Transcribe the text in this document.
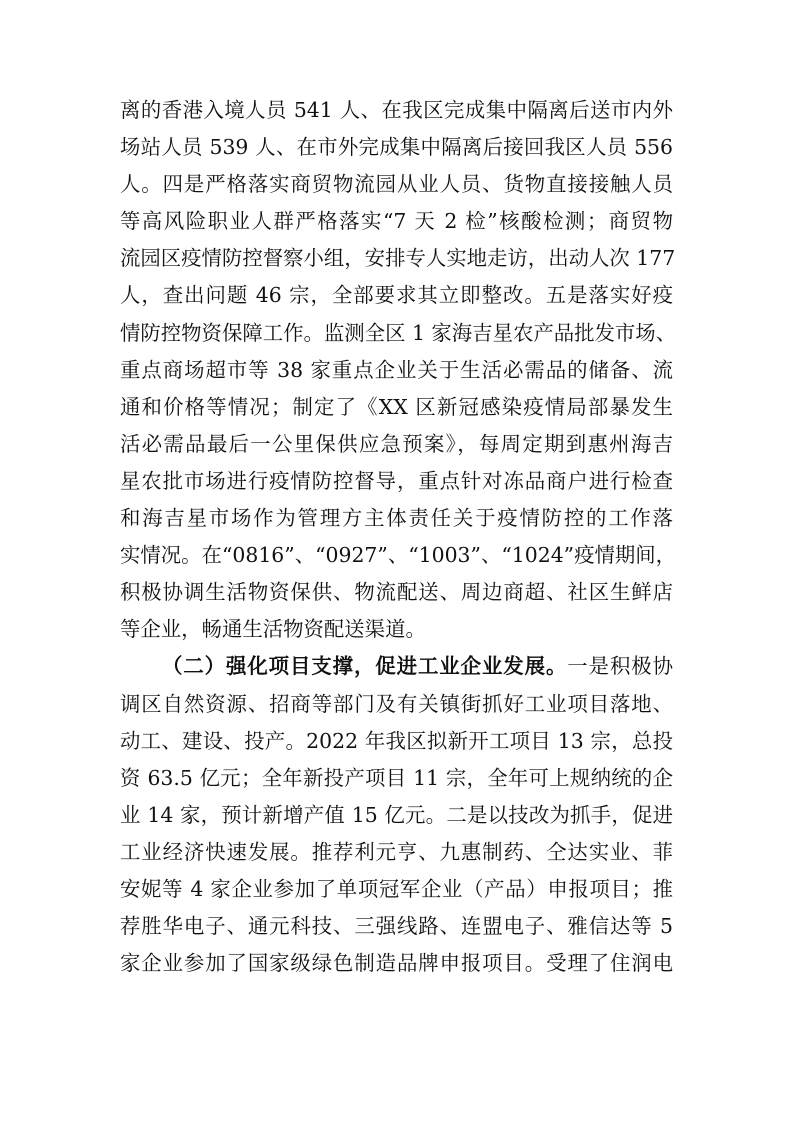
离的香港入境人员 541 人、在我区完成集中隔离后送市内外
场站人员 539 人、在市外完成集中隔离后接回我区人员 556
人。四是严格落实商贸物流园从业人员、货物直接接触人员
等高风险职业人群严格落实“7 天 2 检”核酸检测；商贸物
流园区疫情防控督察小组，安排专人实地走访，出动人次 177
人，查出问题 46 宗，全部要求其立即整改。五是落实好疫
情防控物资保障工作。监测全区 1 家海吉星农产品批发市场、
重点商场超市等 38 家重点企业关于生活必需品的储备、流
通和价格等情况；制定了《XX 区新冠感染疫情局部暴发生
活必需品最后一公里保供应急预案》，每周定期到惠州海吉
星农批市场进行疫情防控督导，重点针对冻品商户进行检查
和海吉星市场作为管理方主体责任关于疫情防控的工作落
实情况。在“0816”、“0927”、“1003”、“1024”疫情期间，
积极协调生活物资保供、物流配送、周边商超、社区生鲜店
等企业，畅通生活物资配送渠道。
（二）强化项目支撑，促进工业企业发展。一是积极协
调区自然资源、招商等部门及有关镇街抓好工业项目落地、
动工、建设、投产。2022 年我区拟新开工项目 13 宗，总投
资 63.5 亿元；全年新投产项目 11 宗，全年可上规纳统的企
业 14 家，预计新增产值 15 亿元。二是以技改为抓手，促进
工业经济快速发展。推荐利元亨、九惠制药、仝达实业、菲
安妮等 4 家企业参加了单项冠军企业（产品）申报项目；推
荐胜华电子、通元科技、三强线路、连盟电子、雅信达等 5
家企业参加了国家级绿色制造品牌申报项目。受理了住润电
